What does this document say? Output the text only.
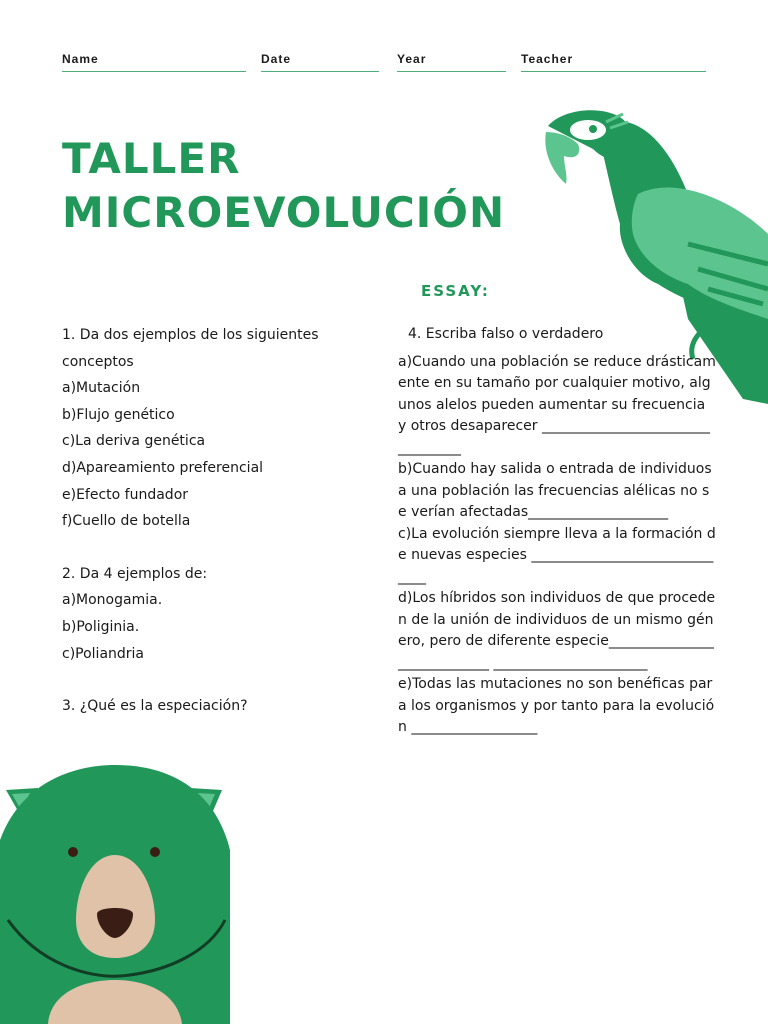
Name	Date	Year	Teacher
TALLER
MICROEVOLUCIÓN
ESSAY:

1. Da dos ejemplos de los siguientes

conceptos

a)Mutación

b)Flujo genético

c)La deriva genética

d)Apareamiento preferencial

e)Efecto fundador

f)Cuello de botella

2. Da 4 ejemplos de:

a)Monogamia.

b)Poliginia.

c)Poliandria

3. ¿Qué es la especiación?

4. Escriba falso o verdadero

a)Cuando una población se reduce drásticamente en su tamaño por cualquier motivo, algunos alelos pueden aumentar su frecuencia y otros desaparecer _________________________________

b)Cuando hay salida o entrada de individuos a una población las frecuencias alélicas no se verían afectadas____________________

c)La evolución siempre lleva a la formación de nuevas especies ______________________________

d)Los híbridos son individuos de que proceden de la unión de individuos de un mismo género, pero de diferente especie____________________________ ______________________

e)Todas las mutaciones no son benéficas para los organismos y por tanto para la evolución __________________
